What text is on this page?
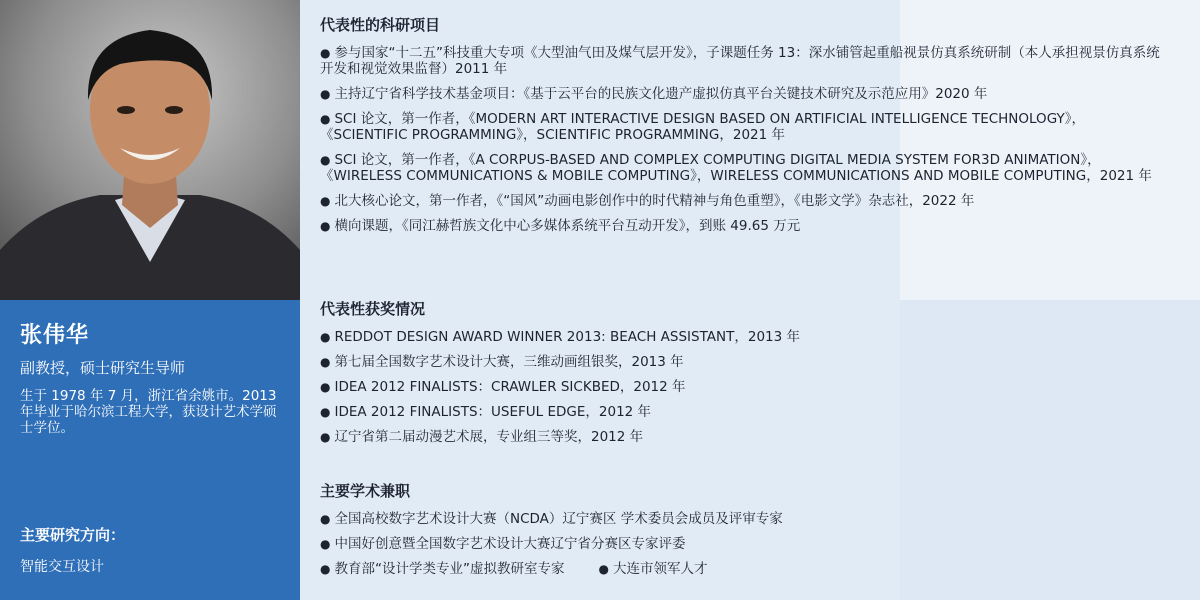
张伟华
副教授，硕士研究生导师

生于 1978 年 7 月，浙江省余姚市。2013 年毕业于哈尔滨工程大学，获设计艺术学硕士学位。

主要研究方向：
智能交互设计
代表性的科研项目
● 参与国家“十二五”科技重大专项《大型油气田及煤气层开发》，子课题任务 13：深水铺管起重船视景仿真系统研制（本人承担视景仿真系统开发和视觉效果监督）2011 年
● 主持辽宁省科学技术基金项目：《基于云平台的民族文化遗产虚拟仿真平台关键技术研究及示范应用》2020 年
● SCI 论文，第一作者，《MODERN ART INTERACTIVE DESIGN BASED ON ARTIFICIAL INTELLIGENCE TECHNOLOGY》，《SCIENTIFIC PROGRAMMING》，SCIENTIFIC PROGRAMMING，2021 年
● SCI 论文，第一作者，《A CORPUS-BASED AND COMPLEX COMPUTING DIGITAL MEDIA SYSTEM FOR3D ANIMATION》，《WIRELESS COMMUNICATIONS & MOBILE COMPUTING》，WIRELESS COMMUNICATIONS AND MOBILE COMPUTING，2021 年
● 北大核心论文，第一作者，《“国风”动画电影创作中的时代精神与角色重塑》，《电影文学》杂志社，2022 年
● 横向课题，《同江赫哲族文化中心多媒体系统平台互动开发》，到账 49.65 万元
代表性获奖情况
● REDDOT DESIGN AWARD WINNER 2013: BEACH ASSISTANT，2013 年
● 第七届全国数字艺术设计大赛，三维动画组银奖，2013 年
● IDEA 2012 FINALISTS：CRAWLER SICKBED，2012 年
● IDEA 2012 FINALISTS：USEFUL EDGE，2012 年
● 辽宁省第二届动漫艺术展，专业组三等奖，2012 年
主要学术兼职
● 全国高校数字艺术设计大赛（NCDA）辽宁赛区 学术委员会成员及评审专家
● 中国好创意暨全国数字艺术设计大赛辽宁省分赛区专家评委
● 教育部“设计学类专业”虚拟教研室专家	● 大连市领军人才
